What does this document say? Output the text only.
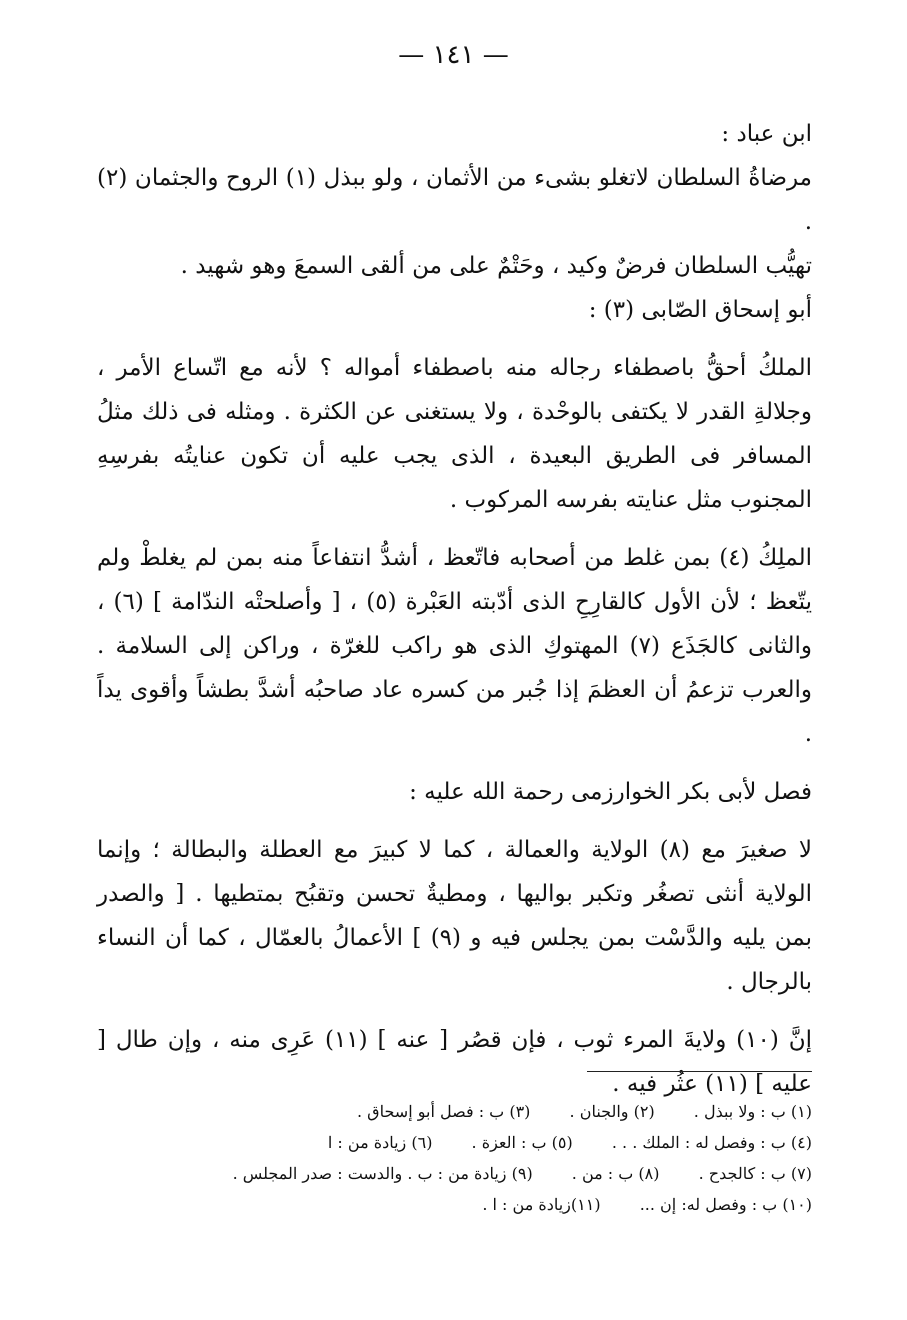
— ١٤١ —

ابن عباد :

مرضاةُ السلطان لاتغلو بشىء من الأثمان ، ولو ببذل (١) الروح والجثمان (٢) .

تهيُّب السلطان فرضٌ وكيد ، وحَتْمٌ على من ألقى السمعَ وهو شهيد .

أبو إسحاق الصّابى (٣) :

الملكُ أحقُّ باصطفاء رجاله منه باصطفاء أمواله ؟ لأنه مع اتّساع الأمر ، وجلالةِ القدر لا يكتفى بالوحْدة ، ولا يستغنى عن الكثرة . ومثله فى ذلك مثلُ المسافر فى الطريق البعيدة ، الذى يجب عليه أن تكون عنايتُه بفرسِهِ المجنوب مثل عنايته بفرسه المركوب .

الملِكُ (٤) بمن غلط من أصحابه فاتّعظ ، أشدُّ انتفاعاً منه بمن لم يغلطْ ولم يتّعظ ؛ لأن الأول كالقارِحِ الذى أدّبته العَبْرة (٥) ، [ وأصلحتْه الندّامة ] (٦) ، والثانى كالجَذَع (٧) المهتوكِ الذى هو راكب للغرّة ، وراكن إلى السلامة . والعرب تزعمُ أن العظمَ إذا جُبر من كسره عاد صاحبُه أشدَّ بطشاً وأقوى يداً .

فصل لأبى بكر الخوارزمى رحمة الله عليه :

لا صغيرَ مع (٨) الولاية والعمالة ، كما لا كبيرَ مع العطلة والبطالة ؛ وإنما الولاية أنثى تصغُر وتكبر بواليها ، ومطيةٌ تحسن وتقبُح بمتطيها . [ والصدر بمن يليه والدَّسْت بمن يجلس فيه و (٩) ] الأعمالُ بالعمّال ، كما أن النساء بالرجال .

إنَّ (١٠) ولايةَ المرء ثوب ، فإن قصُر [ عنه ] (١١) عَرِى منه ، وإن طال [ عليه ] (١١) عثُر فيه .

(١) ب : ولا ببذل . (٢) والجنان . (٣) ب : فصل أبو إسحاق .
(٤) ب : وفصل له : الملك . . . (٥) ب : العزة . (٦) زيادة من : ا
(٧) ب : كالجدح . (٨) ب : من . (٩) زيادة من : ب . والدست : صدر المجلس .
(١٠) ب : وفصل له: إن ... (١١)زيادة من : ا .
